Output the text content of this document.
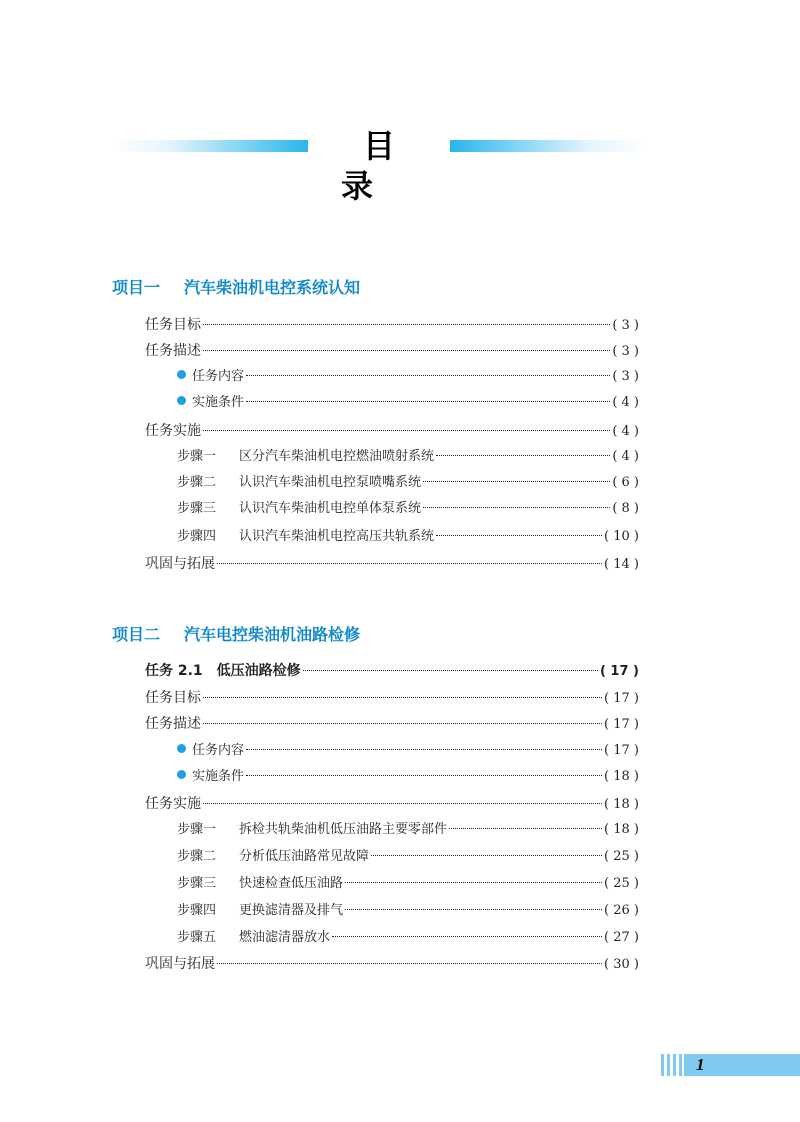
目 录
项目一 汽车柴油机电控系统认知
任务目标	( 3 )
任务描述	( 3 )
任务内容	( 3 )
实施条件	( 4 )
任务实施	( 4 )
步骤一 区分汽车柴油机电控燃油喷射系统	( 4 )
步骤二 认识汽车柴油机电控泵喷嘴系统	( 6 )
步骤三 认识汽车柴油机电控单体泵系统	( 8 )
步骤四 认识汽车柴油机电控高压共轨系统	( 10 )
巩固与拓展	( 14 )
项目二 汽车电控柴油机油路检修
任务 2.1　低压油路检修	( 17 )
任务目标	( 17 )
任务描述	( 17 )
任务内容	( 17 )
实施条件	( 18 )
任务实施	( 18 )
步骤一 拆检共轨柴油机低压油路主要零部件	( 18 )
步骤二 分析低压油路常见故障	( 25 )
步骤三 快速检查低压油路	( 25 )
步骤四 更换滤清器及排气	( 26 )
步骤五 燃油滤清器放水	( 27 )
巩固与拓展	( 30 )
1
